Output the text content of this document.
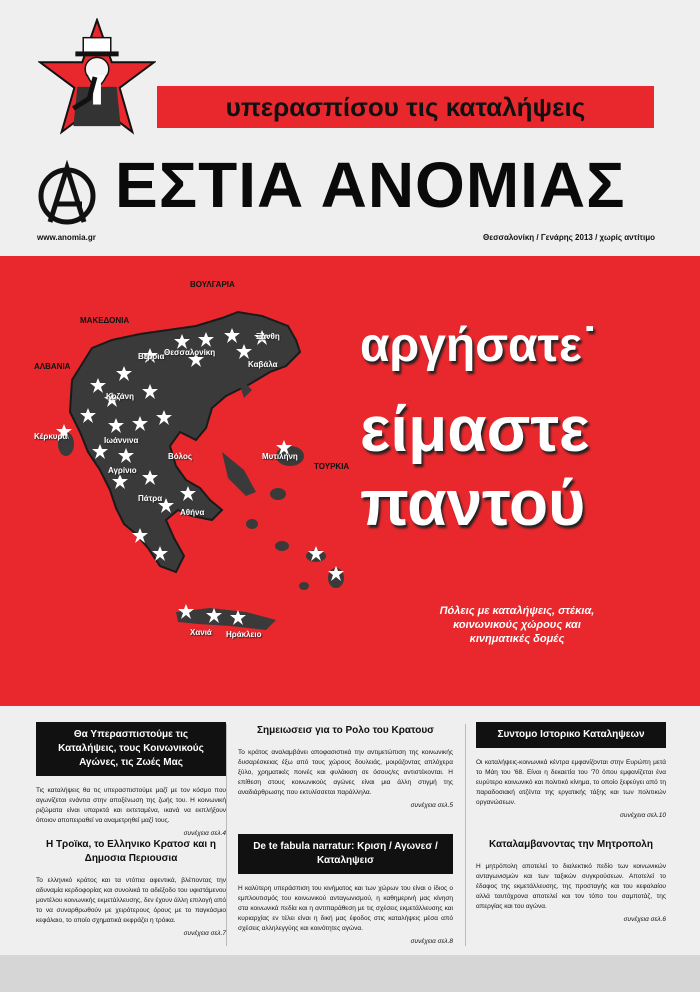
υπερασπίσου τις καταλήψεις
ΕΣΤΙΑ ΑΝΟΜΙΑΣ
www.anomia.gr	Θεσσαλονίκη / Γενάρης 2013 / χωρίς αντίτιμο
ΒΟΥΛΓΑΡΙΑ
ΜΑΚΕΔΟΝΙΑ
ΑΛΒΑΝΙΑ
ΤΟΥΡΚΙΑ
Ξάνθη
Καβάλα
Βέροια Θεσσαλονίκη
Κοζάνη
Ιωάννινα
Βόλος
Κέρκυρα
Αγρίνιο
Μυτιλήνη
Πάτρα
Αθήνα
Χανιά Ηράκλειο
αργήσατε˙
είμαστε
παντού
Πόλεις με καταλήψεις, στέκια, κοινωνικούς χώρους και κινηματικές δομές
Θα Υπερασπιστούμε τις Καταλήψεις, τους Κοινωνικούς Αγώνες, τις Ζωές Μας
Τις καταλήψεις θα τις υπερασπιστούμε μαζί με τον κόσμο που αγωνίζεται ενάντια στην αποξένωση της ζωής του. Η κοινωνική ριζώματα είναι υπαρκτά και εκτεταμένα, ικανά να εκπλήξουν όποιον αποπειραθεί να αναμετρηθεί μαζί τους.
συνέχεια σελ.4
Σημειωσεισ για το Ρολο του Κρατουσ
Το κράτος αναλαμβάνει αποφασιστικά την αντιμετώπιση της κοινωνικής δυσαρέσκειας έξω από τους χώρους δουλειάς, μοιράζοντας απλόχερα ξύλο, χρηματικές ποινές και φυλάκιση σε όσους/ες αντιστέκονται. Η επίθεση στους κοινωνικούς αγώνες είναι μια άλλη στιγμή της αναδιάρθρωσης που εκτυλίσσεται παράλληλα.
συνέχεια σελ.5
Συντομο Ιστορικο Καταληψεων
Οι καταλήψεις-κοινωνικά κέντρα εμφανίζονται στην Ευρώπη μετά το Μάη του '68. Είναι η δεκαετία του '70 όπου εμφανίζεται ένα ευρύτερο κοινωνικό και πολιτικό κίνημα, το οποίο ξεφεύγει από τη παραδοσιακή ατζέντα της εργατικής τάξης και των πολιτικών οργανώσεων.
συνέχεια σελ.10
Η Τροϊκα, το Ελληνικο Κρατοσ και η Δημοσια Περιουσια
Το ελληνικό κράτος και τα ντόπια αφεντικά, βλέποντας την αδυναμία κερδοφορίας και συνολικά το αδιέξοδο του υφιστάμενου μοντέλου κοινωνικής εκμετάλλευσης, δεν έχουν άλλη επιλογή από το να συναρθρωθούν με χειρότερους όρους με το παγκόσμιο κεφάλαιο, το οποίο σχηματικά εκφράζει η τρόικα.
συνέχεια σελ.7
De te fabula narratur: Κριση / Αγωνεσ / Καταληψεισ
Η καλύτερη υπεράσπιση του κινήματος και των χώρων του είναι ο ίδιος ο εμπλουτισμός του κοινωνικού ανταγωνισμού, η καθημερινή μας κίνηση στα κοινωνικά πεδία και η αντιπαράθεση με τις σχέσεις εκμετάλλευσης και κυριαρχίας εν τέλει είναι η δική μας έφοδος στις καταλήψεις μέσα από σχέσεις αλληλεγγύης και κοινότητες αγώνα.
συνέχεια σελ.8
Καταλαμβανοντας την Μητροπολη
Η μητρόπολη αποτελεί το διαλεκτικό πεδίο των κοινωνικών ανταγωνισμών και των ταξικών συγκρούσεων. Αποτελεί το έδαφος της εκμετάλλευσης, της προσταγής και του κεφαλαίου αλλά ταυτόχρονα αποτελεί και τον τόπο του σαμποτάζ, της απεργίας και του αγώνα.
συνέχεια σελ.6
